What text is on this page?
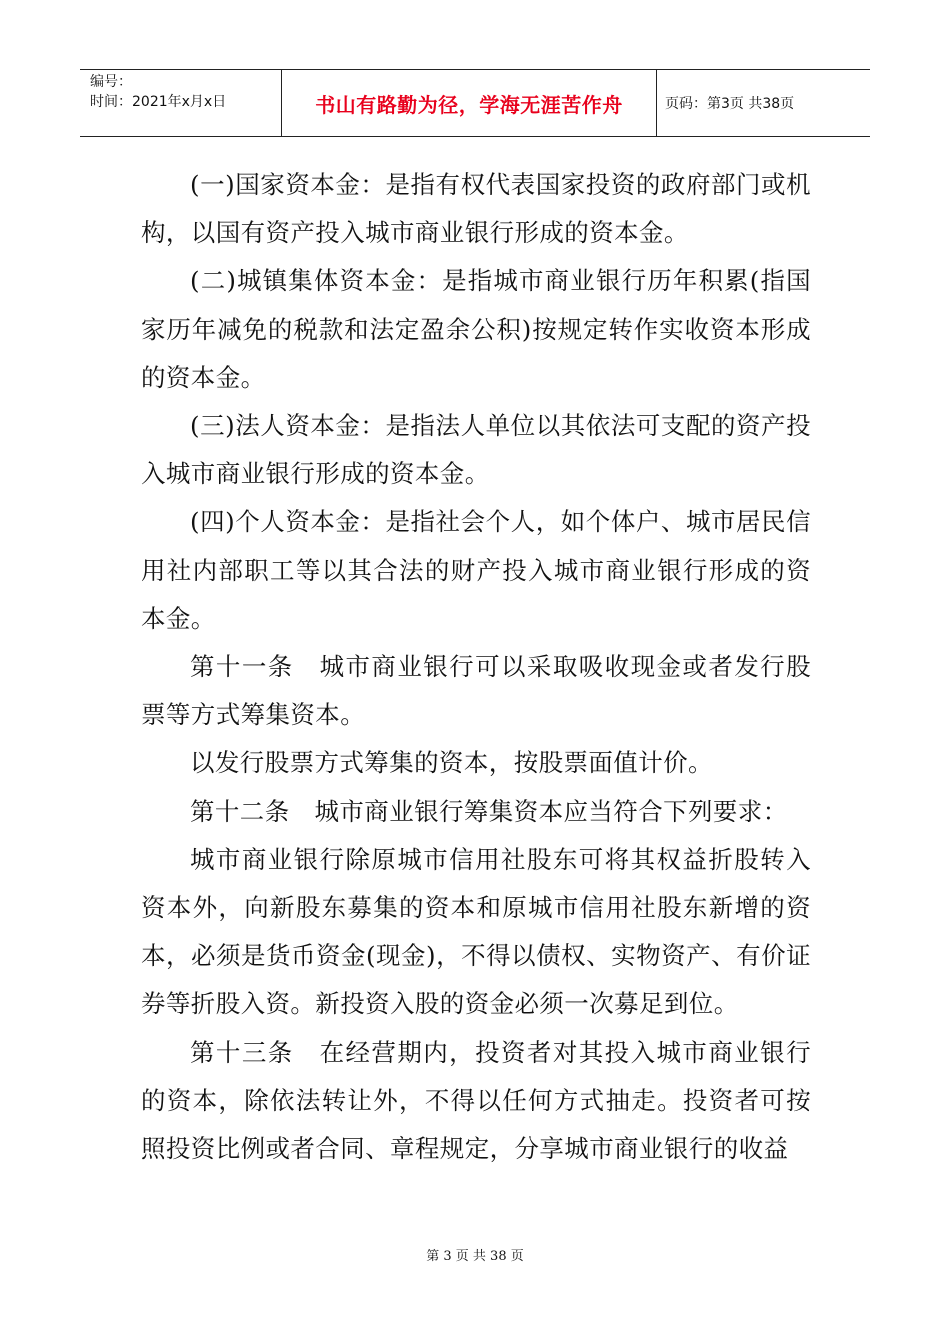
编号：
时间：2021年x月x日	书山有路勤为径，学海无涯苦作舟	页码：第3页 共38页

(一)国家资本金：是指有权代表国家投资的政府部门或机构，以国有资产投入城市商业银行形成的资本金。

(二)城镇集体资本金：是指城市商业银行历年积累(指国家历年减免的税款和法定盈余公积)按规定转作实收资本形成的资本金。

(三)法人资本金：是指法人单位以其依法可支配的资产投入城市商业银行形成的资本金。

(四)个人资本金：是指社会个人，如个体户、城市居民信用社内部职工等以其合法的财产投入城市商业银行形成的资本金。

第十一条　城市商业银行可以采取吸收现金或者发行股票等方式筹集资本。

以发行股票方式筹集的资本，按股票面值计价。

第十二条　城市商业银行筹集资本应当符合下列要求：

城市商业银行除原城市信用社股东可将其权益折股转入资本外，向新股东募集的资本和原城市信用社股东新增的资本，必须是货币资金(现金)，不得以债权、实物资产、有价证券等折股入资。新投资入股的资金必须一次募足到位。

第十三条　在经营期内，投资者对其投入城市商业银行的资本，除依法转让外，不得以任何方式抽走。投资者可按照投资比例或者合同、章程规定，分享城市商业银行的收益

第 3 页 共 38 页
